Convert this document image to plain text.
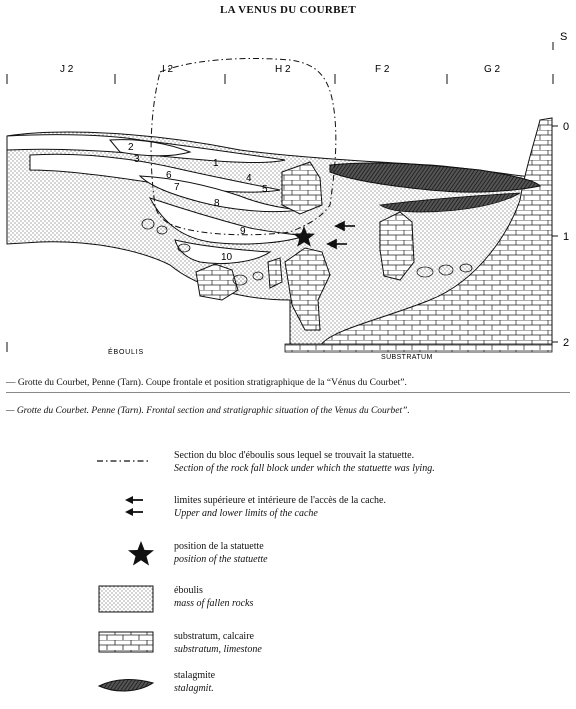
LA VENUS DU COURBET
J 2	I 2	H 2	F 2	G 2
S
0
1
2
1
2
3
4
5
6
7
8
9
10
ÉBOULIS
SUBSTRATUM
— Grotte du Courbet, Penne (Tarn). Coupe frontale et position stratigraphique de la “Vénus du Courbet”.
— Grotte du Courbet. Penne (Tarn). Frontal section and stratigraphic situation of the Venus du Courbet”.
Section du bloc d'éboulis sous lequel se trouvait la statuette.
Section of the rock fall block under which the statuette was lying.
limites supérieure et intérieure de l'accès de la cache.
Upper and lower limits of the cache
position de la statuette
position of the statuette
éboulis
mass of fallen rocks
substratum, calcaire
substratum, limestone
stalagmite
stalagmit.
